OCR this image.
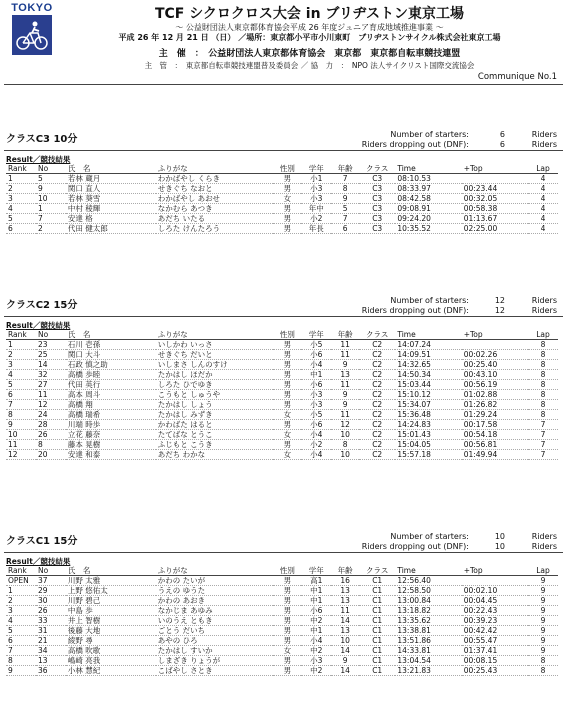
TOKYO	TCF シクロクロス大会 in ブリヂストン東京工場
～ 公益財団法人東京都体育協会平成 26 年度ジュニア育成地域推進事業 ～
平成 26 年 12 月 21 日 （日） ／場所：東京都小平市小川東町　ブリヂストンサイクル株式会社東京工場
主　催　：　公益財団法人東京都体育協会　東京都　東京都自転車競技連盟
主　管　：　東京都自転車競技連盟普及委員会 ／ 協　力　：　NPO 法人サイクリスト国際交流協会
Communique No.1
クラスC3 10分	Number of starters:	6	Riders
Riders dropping out (DNF):	6	Riders
Result／競技結果
Rank	No	氏　名	ふりがな	性別	学年	年齢	クラス	Time	+Top	Lap
1	5	若林 蔵月	わかばやし くらき	男	小1	7	C3	08:10.53		4
2	9	関口 直人	せきぐち なおと	男	小3	8	C3	08:33.97	00:23.44	4
3	10	若林 葵雪	わかばやし あおせ	女	小3	9	C3	08:42.58	00:32.05	4
4	1	中村 稜輝	なかむら あつき	男	年中	5	C3	09:08.91	00:58.38	4
5	7	安達 格	あだち いたる	男	小2	7	C3	09:24.20	01:13.67	4
6	2	代田 健太郎	しろた けんたろう	男	年長	6	C3	10:35.52	02:25.00	4
クラスC2 15分	Number of starters:	12	Riders
Riders dropping out (DNF):	12	Riders
Result／競技結果
Rank	No	氏　名	ふりがな	性別	学年	年齢	クラス	Time	+Top	Lap
1	23	石川 壱孫	いしかわ いっさ	男	小5	11	C2	14:07.24		8
2	25	関口 大斗	せきぐち だいと	男	小6	11	C2	14:09.51	00:02.26	8
3	14	石政 慎之助	いしまさ しんのすけ	男	小4	9	C2	14:32.65	00:25.40	8
4	32	高橋 歩睦	たかはし ほだか	男	中1	13	C2	14:50.34	00:43.10	8
5	27	代田 英行	しろた ひでゆき	男	小6	11	C2	15:03.44	00:56.19	8
6	11	高本 周斗	こうもと しゅうや	男	小3	9	C2	15:10.12	01:02.88	8
7	12	高橋 翔	たかはし しょう	男	小3	9	C2	15:34.07	01:26.82	8
8	24	高橋 瑞希	たかはし みずき	女	小5	11	C2	15:36.48	01:29.24	8
9	28	川端 時歩	かわばた はると	男	小6	12	C2	14:24.83	00:17.58	7
10	26	立花 藤奈	たてばな とうこ	女	小4	10	C2	15:01.43	00:54.18	7
11	8	藤本 晃樹	ふじもと こうき	男	小2	8	C2	15:04.05	00:56.81	7
12	20	安達 和泰	あだち わかな	女	小4	10	C2	15:57.18	01:49.94	7
クラスC1 15分	Number of starters:	10	Riders
Riders dropping out (DNF):	10	Riders
Result／競技結果
Rank	No	氏　名	ふりがな	性別	学年	年齢	クラス	Time	+Top	Lap
OPEN	37	川野 太雅	かわの たいが	男	高1	16	C1	12:56.40		9
1	29	上野 悠佑太	うえの ゆうた	男	中1	13	C1	12:58.50	00:02.10	9
2	30	川野 碧己	かわの あおき	男	中1	13	C1	13:00.84	00:04.45	9
3	26	中島 歩	なかじま あゆみ	男	小6	11	C1	13:18.82	00:22.43	9
4	33	井上 智樹	いのうえ ともき	男	中2	14	C1	13:35.62	00:39.23	9
5	31	後藤 大地	ごとう だいち	男	中1	13	C1	13:38.81	00:42.42	9
6	21	綾野 尋	あやの ひろ	男	小4	10	C1	13:51.86	00:55.47	9
7	34	高橋 吹歌	たかはし すいか	女	中2	14	C1	14:33.81	01:37.41	9
8	13	嶋崎 亮我	しまざき りょうが	男	小3	9	C1	13:04.54	00:08.15	8
9	36	小林 慧紀	こばやし さとき	男	中2	14	C1	13:21.83	00:25.43	8
